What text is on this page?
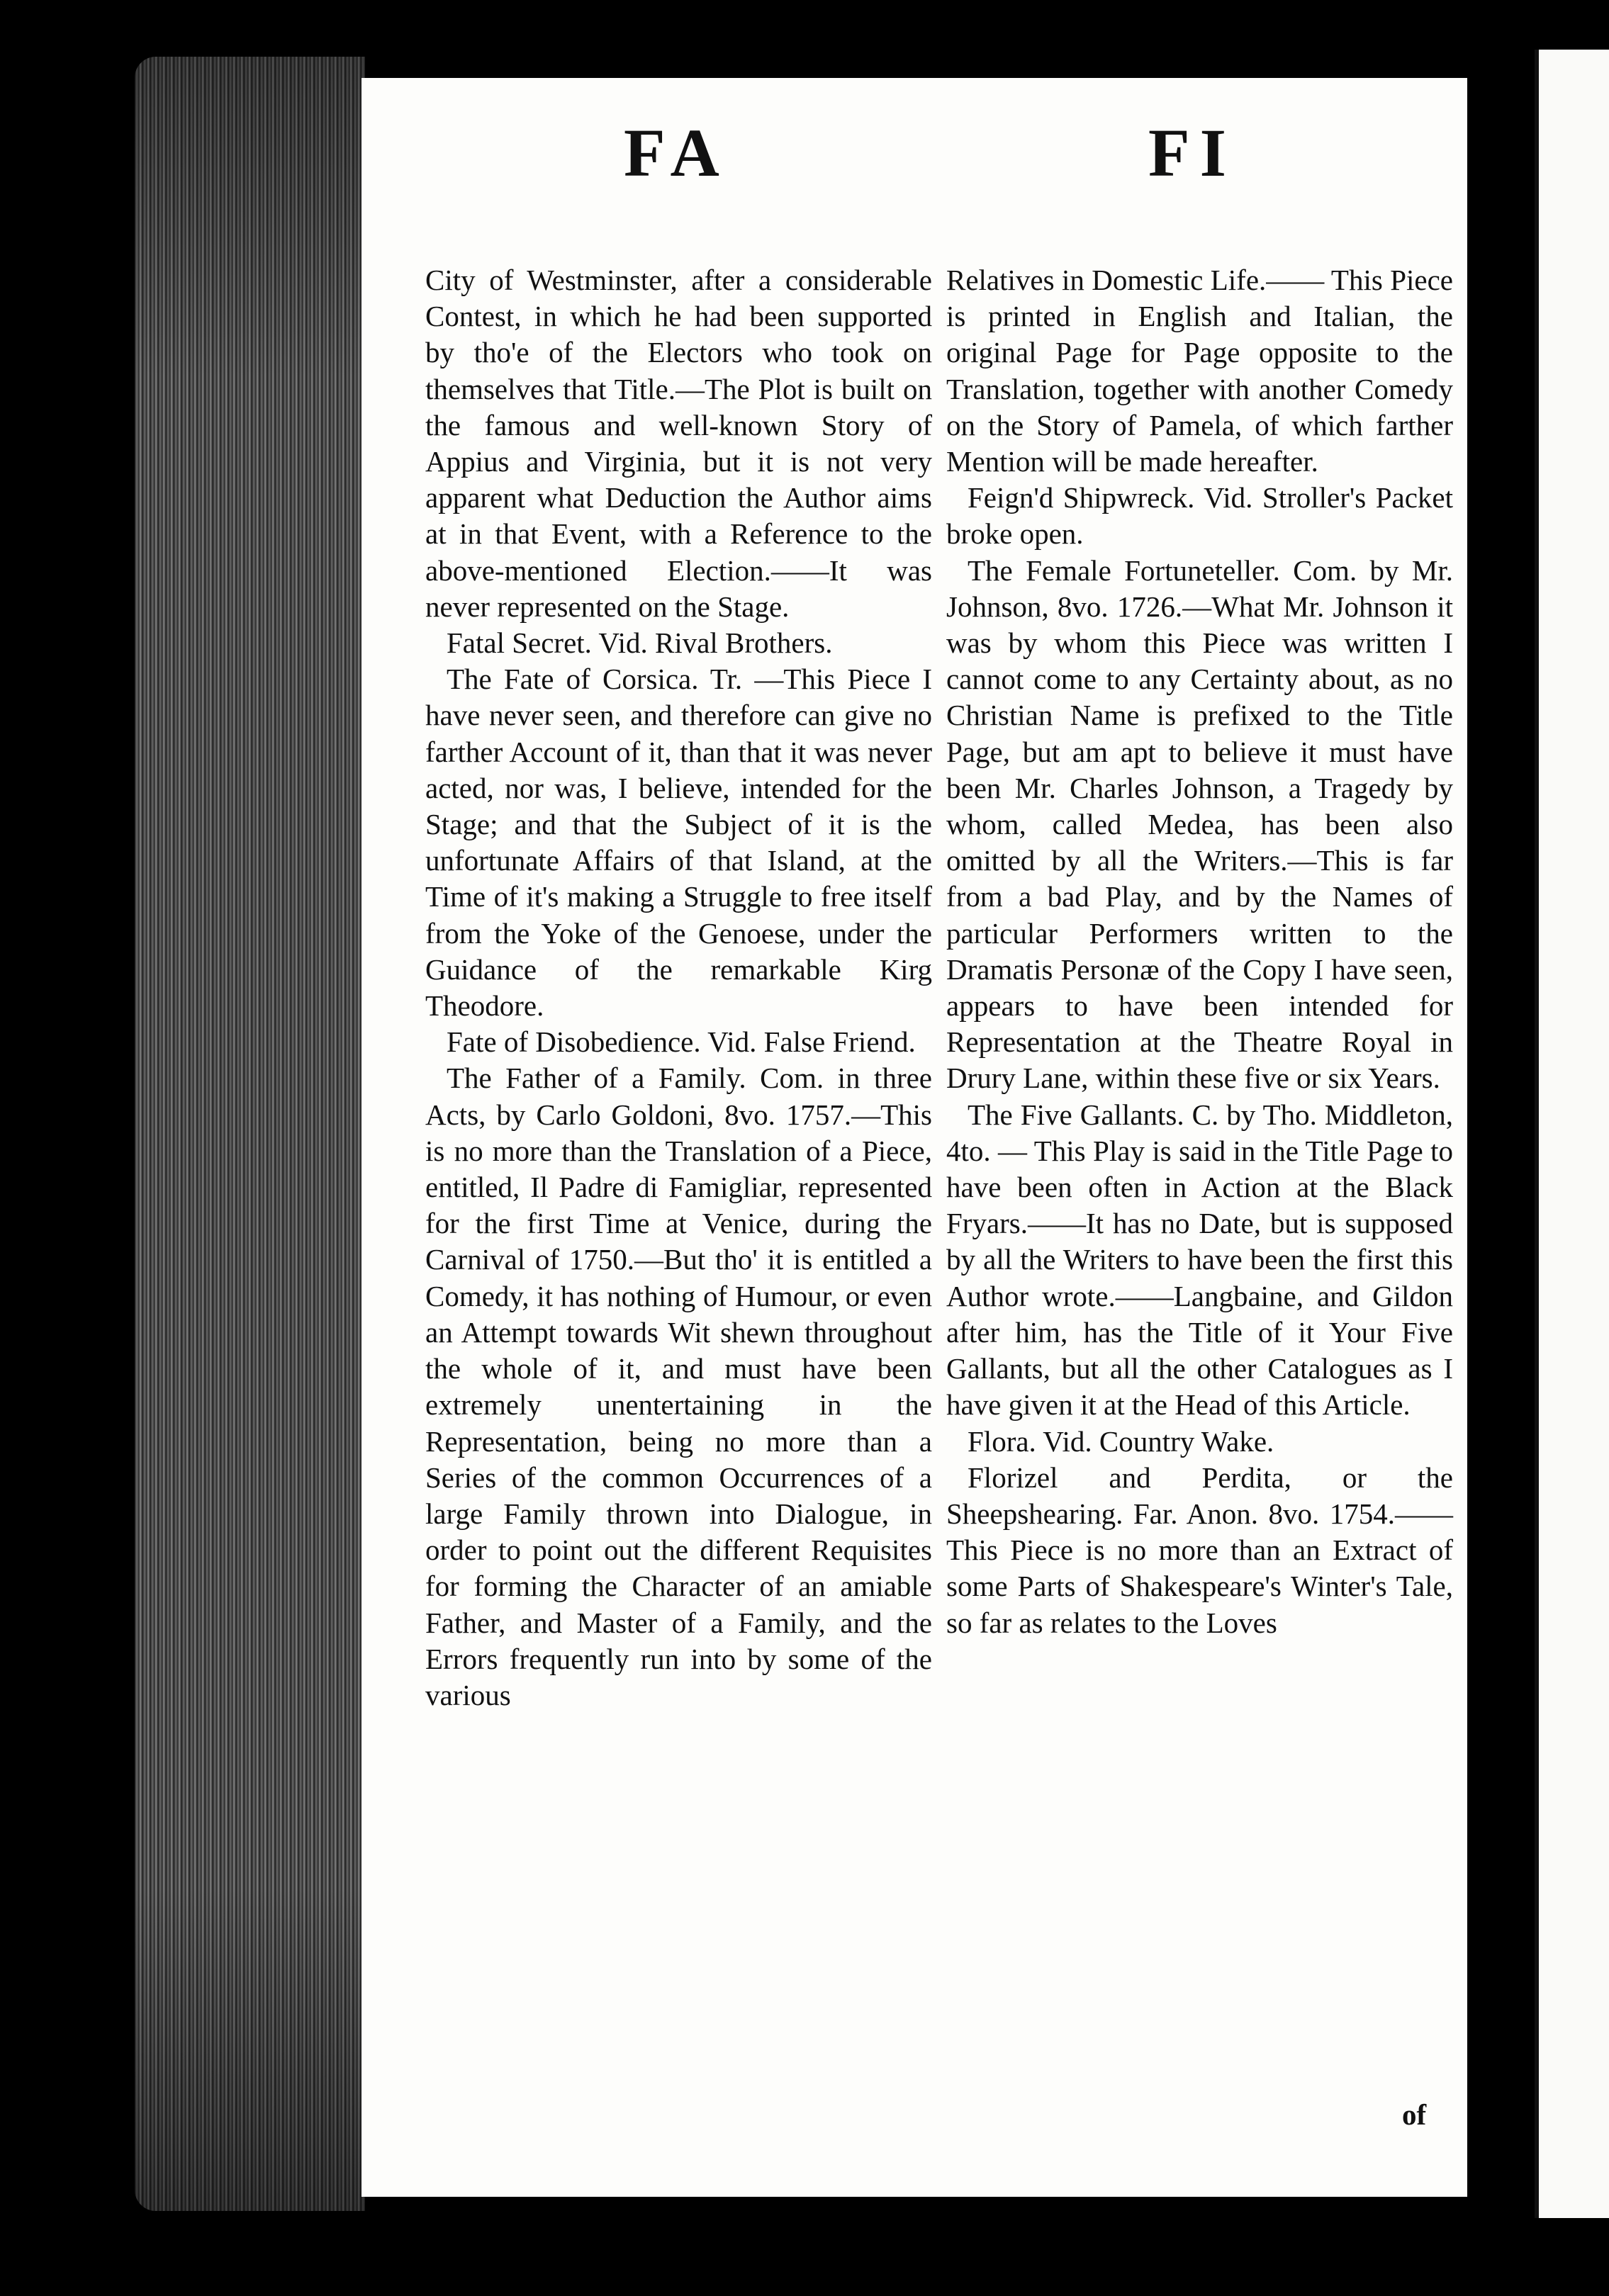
FA	FI

City of Westminster, after a considerable Contest, in which he had been supported by tho'e of the Electors who took on themselves that Title.—The Plot is built on the famous and well-known Story of Appius and Virginia, but it is not very apparent what Deduction the Author aims at in that Event, with a Reference to the above-mentioned Election.——It was never represented on the Stage.

Fatal Secret. Vid. Rival Brothers.

The Fate of Corsica. Tr. —This Piece I have never seen, and therefore can give no farther Account of it, than that it was never acted, nor was, I believe, intended for the Stage; and that the Subject of it is the unfortunate Affairs of that Island, at the Time of it's making a Struggle to free itself from the Yoke of the Genoese, under the Guidance of the remarkable Kirg Theodore.

Fate of Disobedience. Vid. False Friend.

The Father of a Family. Com. in three Acts, by Carlo Goldoni, 8vo. 1757.—This is no more than the Translation of a Piece, entitled, Il Padre di Famigliar, represented for the first Time at Venice, during the Carnival of 1750.—But tho' it is entitled a Comedy, it has nothing of Humour, or even an Attempt towards Wit shewn throughout the whole of it, and must have been extremely unentertaining in the Representation, being no more than a Series of the common Occurrences of a large Family thrown into Dialogue, in order to point out the different Requisites for forming the Character of an amiable Father, and Master of a Family, and the Errors frequently run into by some of the various

Relatives in Domestic Life.—— This Piece is printed in English and Italian, the original Page for Page opposite to the Translation, together with another Comedy on the Story of Pamela, of which farther Mention will be made hereafter.

Feign'd Shipwreck. Vid. Stroller's Packet broke open.

The Female Fortuneteller. Com. by Mr. Johnson, 8vo. 1726.—What Mr. Johnson it was by whom this Piece was written I cannot come to any Certainty about, as no Christian Name is prefixed to the Title Page, but am apt to believe it must have been Mr. Charles Johnson, a Tragedy by whom, called Medea, has been also omitted by all the Writers.—This is far from a bad Play, and by the Names of particular Performers written to the Dramatis Personæ of the Copy I have seen, appears to have been intended for Representation at the Theatre Royal in Drury Lane, within these five or six Years.

The Five Gallants. C. by Tho. Middleton, 4to. — This Play is said in the Title Page to have been often in Action at the Black Fryars.——It has no Date, but is supposed by all the Writers to have been the first this Author wrote.——Langbaine, and Gildon after him, has the Title of it Your Five Gallants, but all the other Catalogues as I have given it at the Head of this Article.

Flora. Vid. Country Wake.

Florizel and Perdita, or the Sheepshearing. Far. Anon. 8vo. 1754.——This Piece is no more than an Extract of some Parts of Shakespeare's Winter's Tale, so far as relates to the Loves

of
